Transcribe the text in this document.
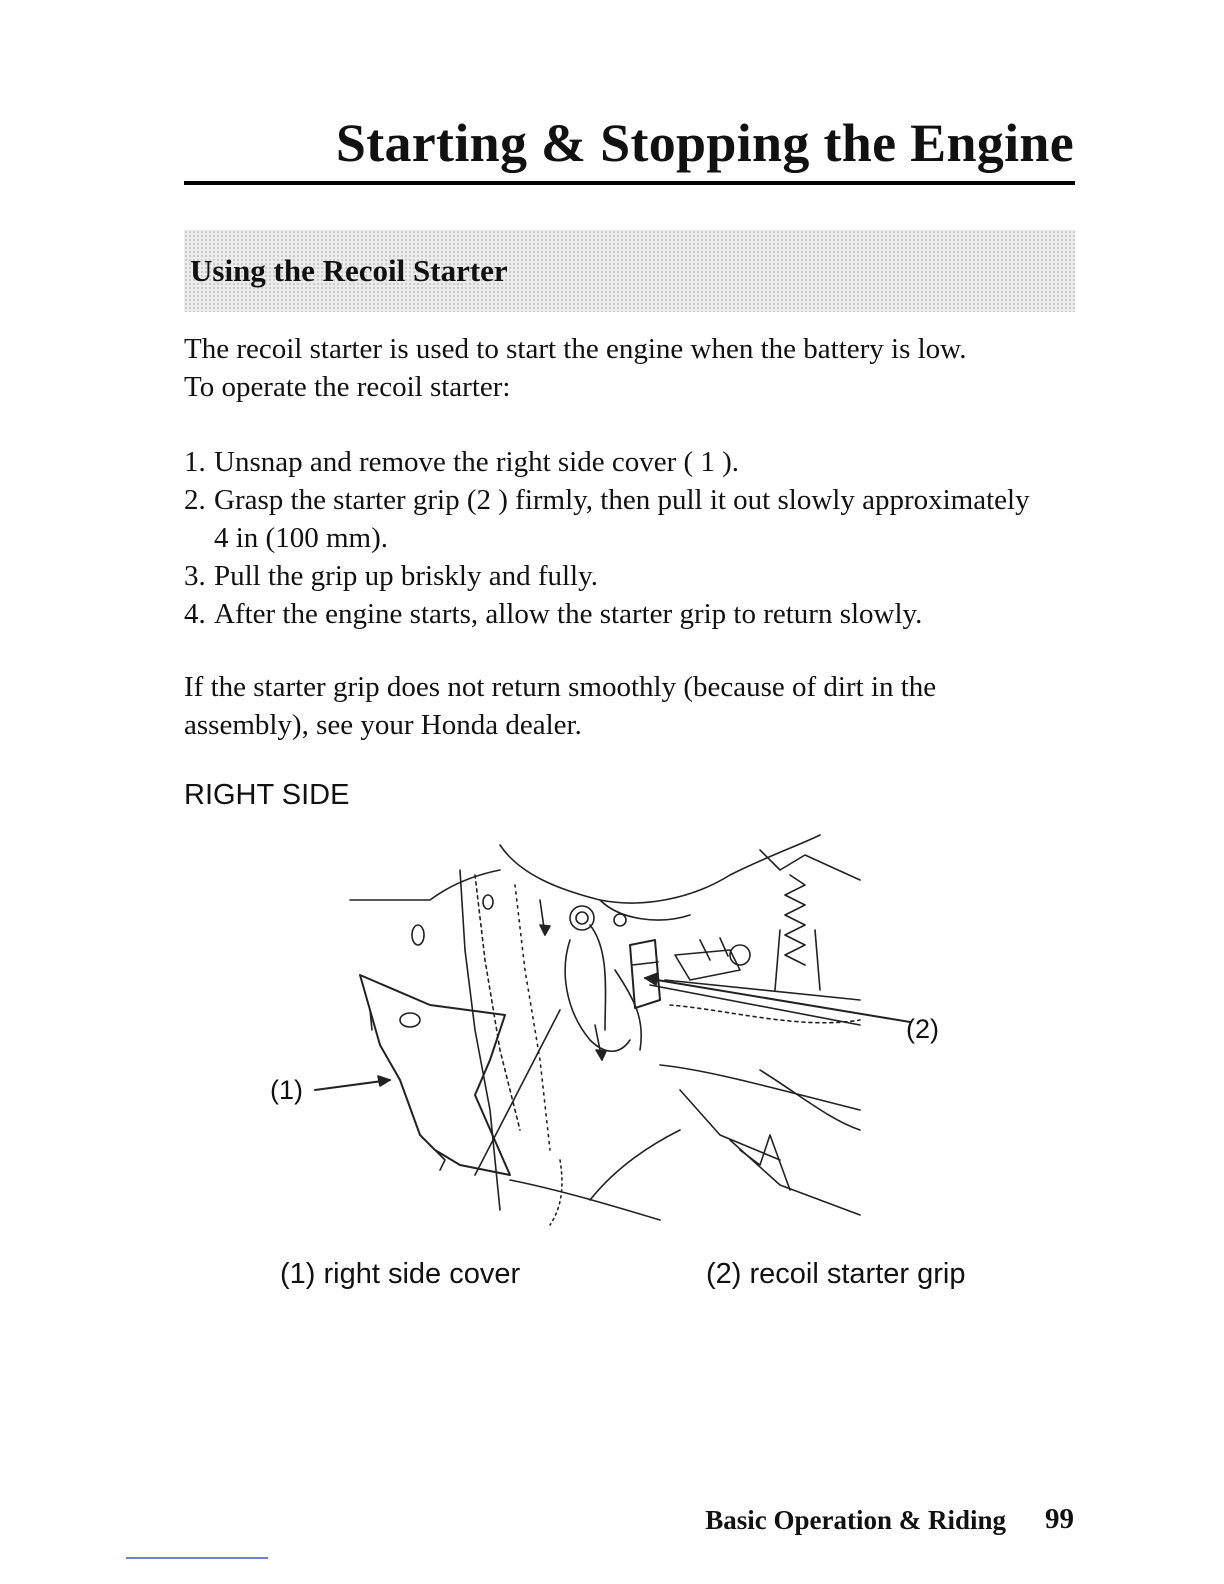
Starting & Stopping the Engine
Using the Recoil Starter

The recoil starter is used to start the engine when the battery is low.

To operate the recoil starter:

1. Unsnap and remove the right side cover ( 1 ).
2. Grasp the starter grip (2 ) firmly, then pull it out slowly approximately
4 in (100 mm).
3. Pull the grip up briskly and fully.
4. After the engine starts, allow the starter grip to return slowly.

If the starter grip does not return smoothly (because of dirt in the

assembly), see your Honda dealer.

RIGHT SIDE

(1)
(2)

(1) right side cover	(2) recoil starter grip

Basic Operation & Riding 99
